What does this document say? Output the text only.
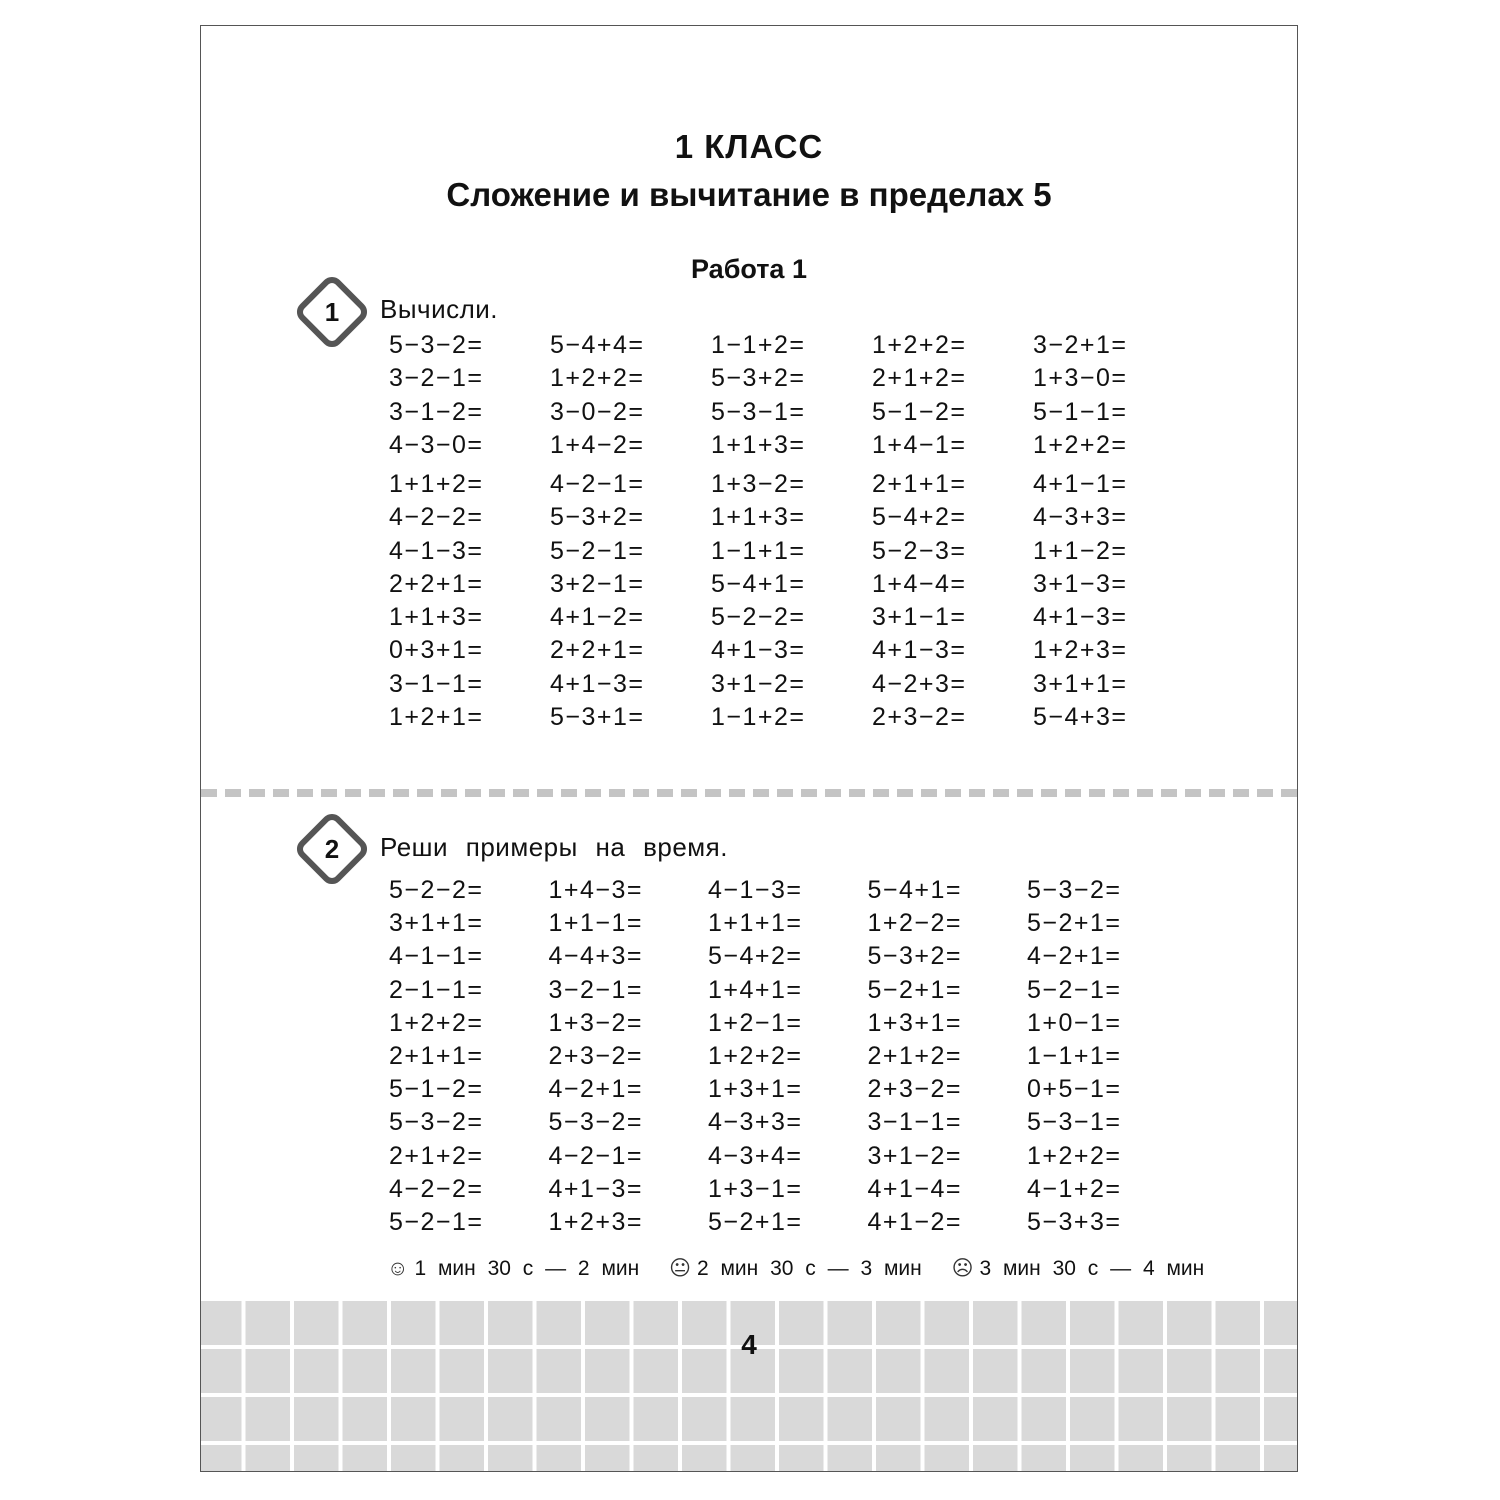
1 КЛАСС
Сложение и вычитание в пределах 5
Работа 1
1	Вычисли.
5−3−2=	5−4+4=	1−1+2=	1+2+2=	3−2+1=
3−2−1=	1+2+2=	5−3+2=	2+1+2=	1+3−0=
3−1−2=	3−0−2=	5−3−1=	5−1−2=	5−1−1=
4−3−0=	1+4−2=	1+1+3=	1+4−1=	1+2+2=
1+1+2=	4−2−1=	1+3−2=	2+1+1=	4+1−1=
4−2−2=	5−3+2=	1+1+3=	5−4+2=	4−3+3=
4−1−3=	5−2−1=	1−1+1=	5−2−3=	1+1−2=
2+2+1=	3+2−1=	5−4+1=	1+4−4=	3+1−3=
1+1+3=	4+1−2=	5−2−2=	3+1−1=	4+1−3=
0+3+1=	2+2+1=	4+1−3=	4+1−3=	1+2+3=
3−1−1=	4+1−3=	3+1−2=	4−2+3=	3+1+1=
1+2+1=	5−3+1=	1−1+2=	2+3−2=	5−4+3=
2	Реши примеры на время.
5−2−2=	1+4−3=	4−1−3=	5−4+1=	5−3−2=
3+1+1=	1+1−1=	1+1+1=	1+2−2=	5−2+1=
4−1−1=	4−4+3=	5−4+2=	5−3+2=	4−2+1=
2−1−1=	3−2−1=	1+4+1=	5−2+1=	5−2−1=
1+2+2=	1+3−2=	1+2−1=	1+3+1=	1+0−1=
2+1+1=	2+3−2=	1+2+2=	2+1+2=	1−1+1=
5−1−2=	4−2+1=	1+3+1=	2+3−2=	0+5−1=
5−3−2=	5−3−2=	4−3+3=	3−1−1=	5−3−1=
2+1+2=	4−2−1=	4−3+4=	3+1−2=	1+2+2=
4−2−2=	4+1−3=	1+3−1=	4+1−4=	4−1+2=
5−2−1=	1+2+3=	5−2+1=	4+1−2=	5−3+3=
☺ 1 мин 30 с — 2 мин 😐 2 мин 30 с — 3 мин ☹ 3 мин 30 с — 4 мин
4
